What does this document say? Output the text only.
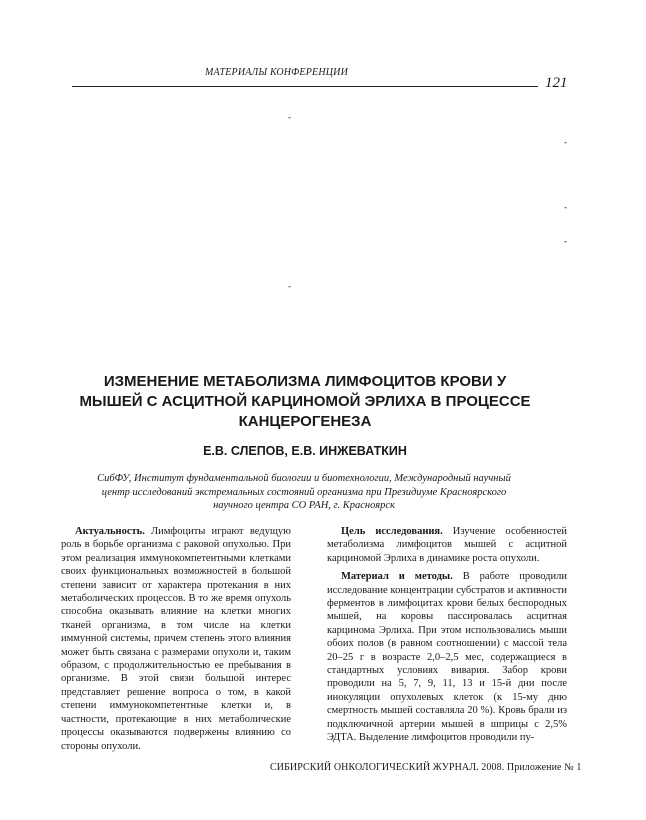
МАТЕРИАЛЫ КОНФЕРЕНЦИИ
121
-
-
-
-
-
ИЗМЕНЕНИЕ МЕТАБОЛИЗМА ЛИМФОЦИТОВ КРОВИ У МЫШЕЙ С АСЦИТНОЙ КАРЦИНОМОЙ ЭРЛИХА В ПРОЦЕССЕ КАНЦЕРОГЕНЕЗА
Е.В. СЛЕПОВ, Е.В. ИНЖЕВАТКИН
СибФУ, Институт фундаментальной биологии и биотехнологии, Международный научный центр исследований экстремальных состояний организма при Президиуме Красноярского научного центра СО РАН, г. Красноярск

Актуальность. Лимфоциты играют ведущую роль в борьбе организма с раковой опухолью. При этом реализация иммунокомпетентными клетками своих функциональных возможностей в большой степени зависит от характера протекания в них метаболических процессов. В то же время опухоль способна оказывать влияние на клетки многих тканей организма, в том числе на клетки иммунной системы, причем степень этого влияния может быть связана с размерами опухоли и, таким образом, с продолжительностью ее пребывания в организме. В этой связи большой интерес представляет решение вопроса о том, в какой степени иммунокомпетентные клетки и, в частности, протекающие в них метаболические процессы оказываются подвержены влиянию со стороны опухоли.

Цель исследования. Изучение особенностей метаболизма лимфоцитов мышей с асцитной карциномой Эрлиха в динамике роста опухоли.

Материал и методы. В работе проводили исследование концентрации субстратов и активности ферментов в лимфоцитах крови белых беспородных мышей, на коровы пассировалась асцитная карцинома Эрлиха. При этом использовались мыши обоих полов (в равном соотношении) с массой тела 20–25 г в возрасте 2,0–2,5 мес, содержащиеся в стандартных условиях вивария. Забор крови проводили на 5, 7, 9, 11, 13 и 15-й дни после инокуляции опухолевых клеток (к 15-му дню смертность мышей составляла 20 %). Кровь брали из подключичной артерии мышей в шприцы с 2,5% ЭДТА. Выделение лимфоцитов проводили пу-

СИБИРСКИЙ ОНКОЛОГИЧЕСКИЙ ЖУРНАЛ. 2008. Приложение № 1
